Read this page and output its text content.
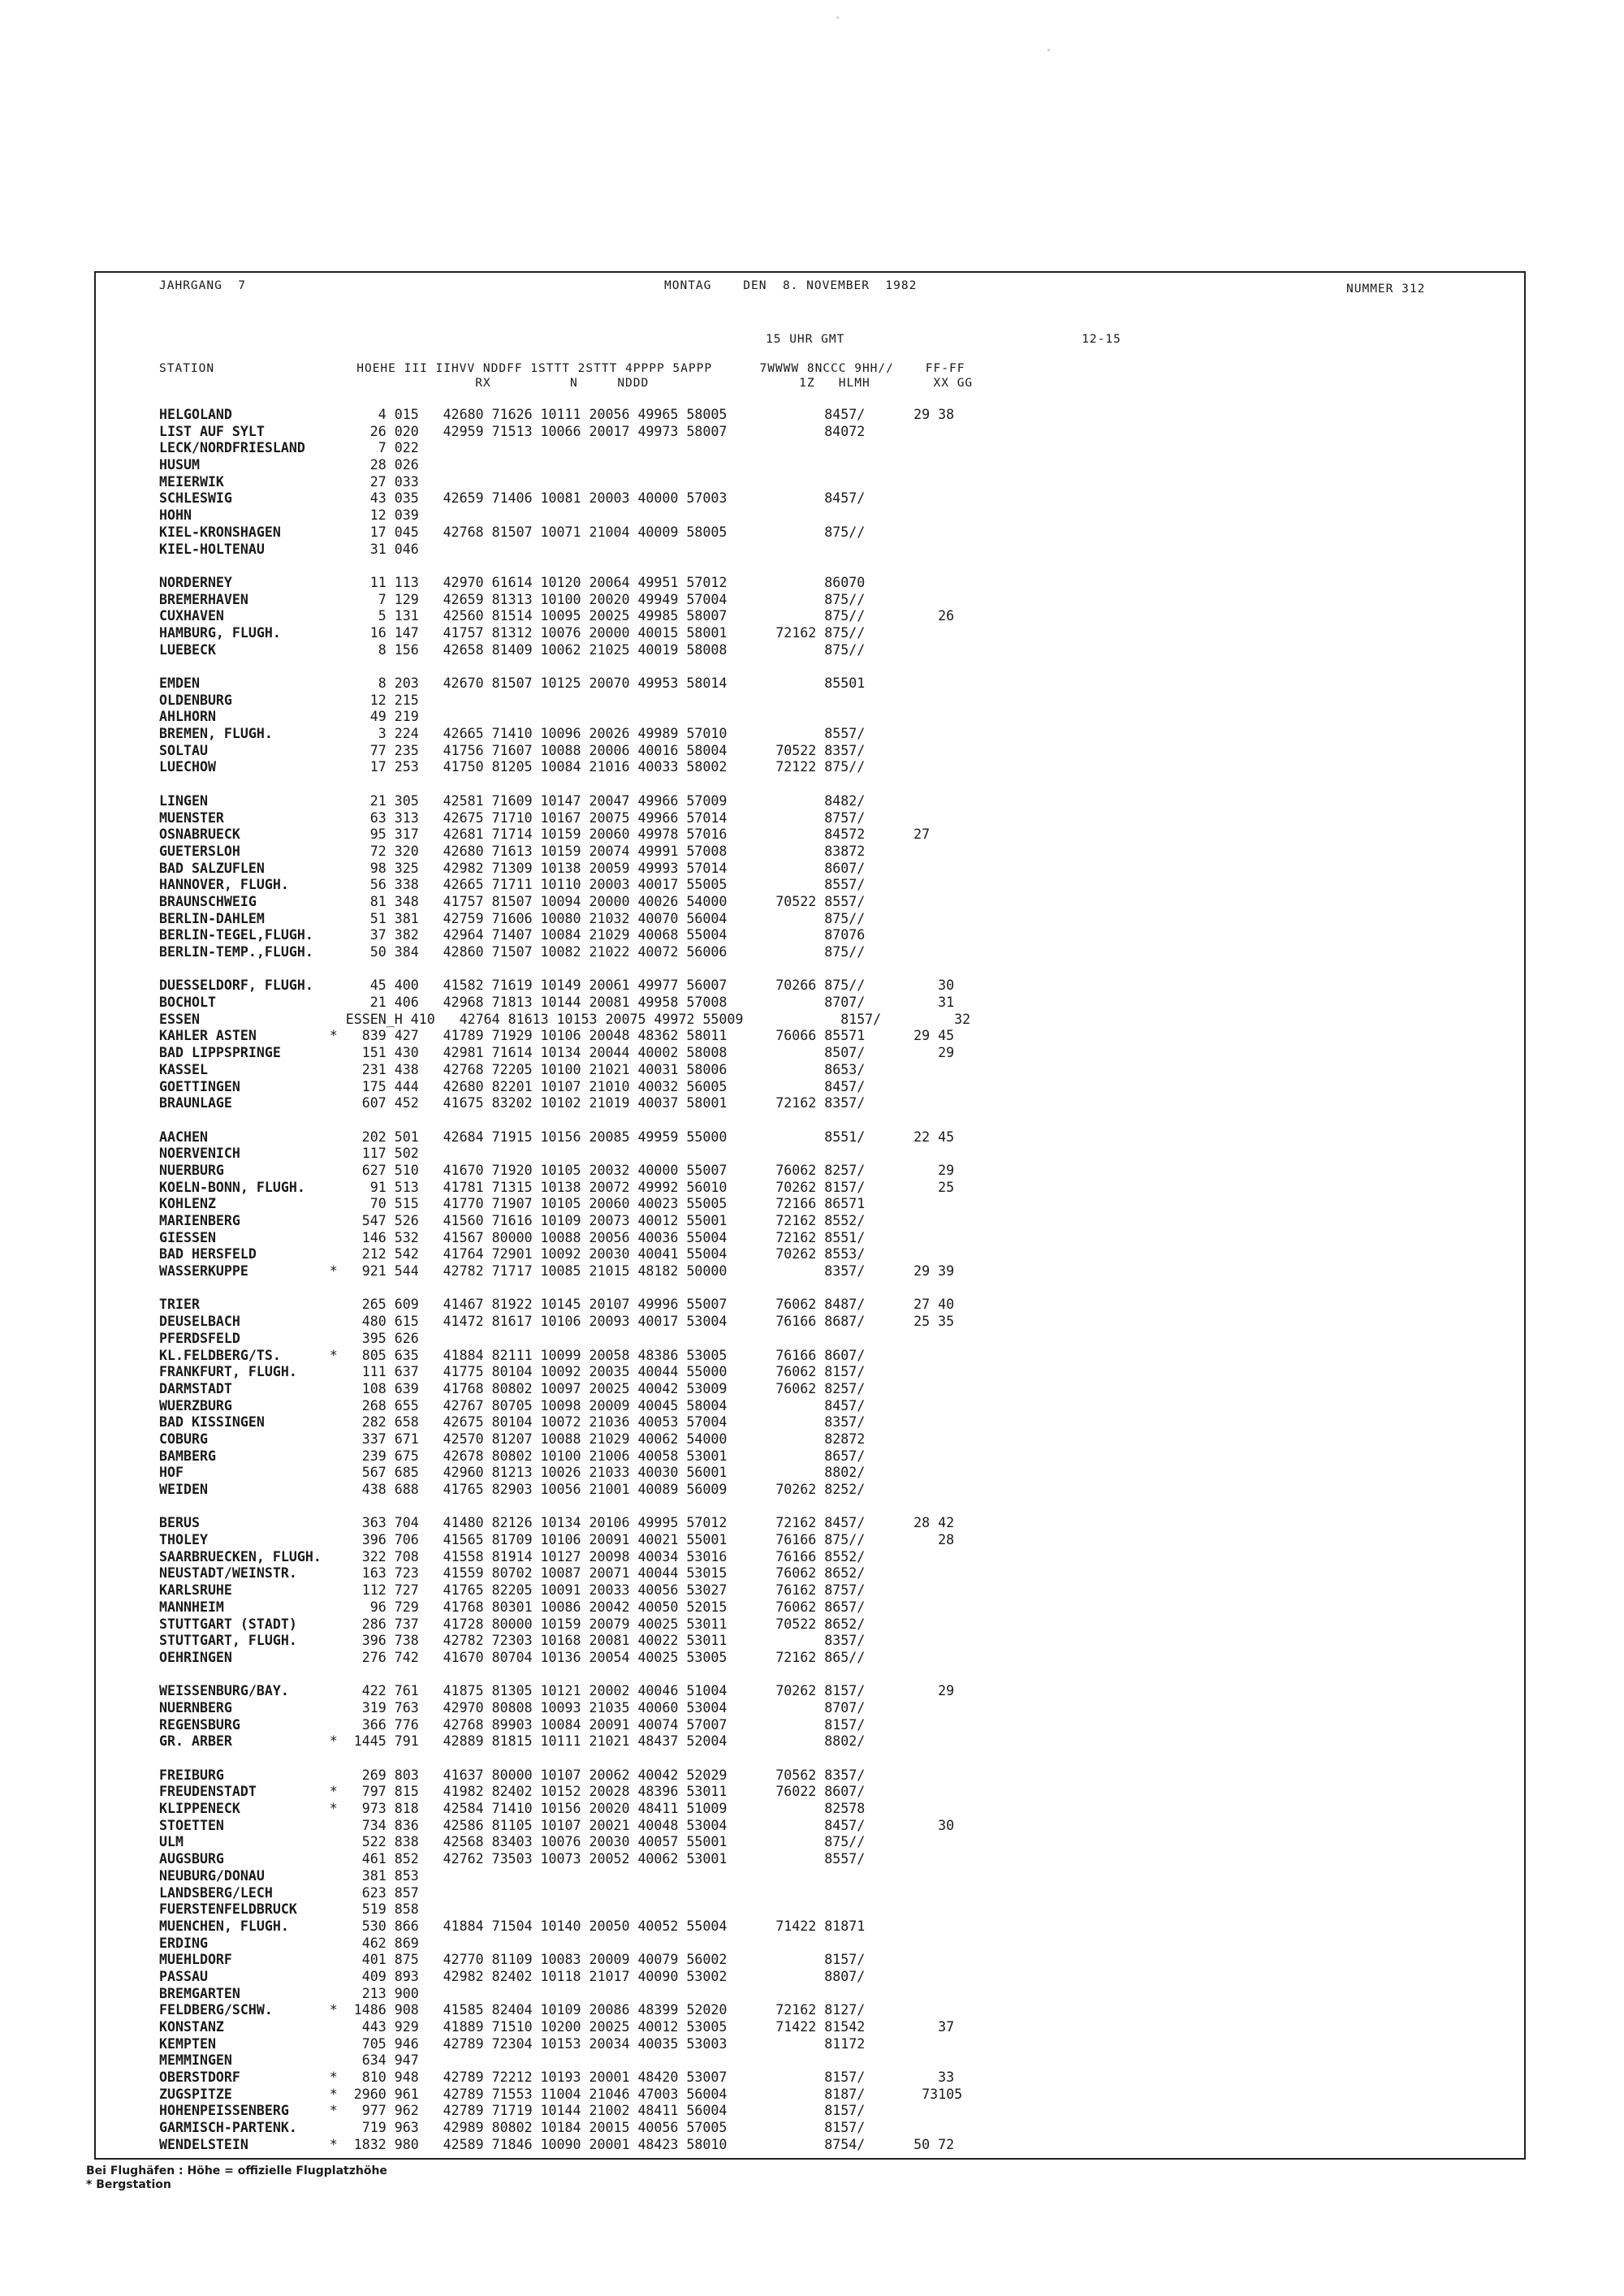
JAHRGANG  7	MONTAG    DEN  8. NOVEMBER  1982	NUMMER 312
15 UHR GMT                              12-15
STATION                  HOEHE III IIHVV NDDFF 1STTT 2STTT 4PPPP 5APPP      7WWWW 8NCCC 9HH//    FF-FF
RX          N     NDDD                   1Z   HLMH        XX GG
HELGOLAND                  4 015   42680 71626 10111 20056 49965 58005            8457/      29 38
LIST AUF SYLT             26 020   42959 71513 10066 20017 49973 58007            84072
LECK/NORDFRIESLAND         7 022
HUSUM                     28 026
MEIERWIK                  27 033
SCHLESWIG                 43 035   42659 71406 10081 20003 40000 57003            8457/
HOHN                      12 039
KIEL-KRONSHAGEN           17 045   42768 81507 10071 21004 40009 58005            875//
KIEL-HOLTENAU             31 046
NORDERNEY                 11 113   42970 61614 10120 20064 49951 57012            86070
BREMERHAVEN                7 129   42659 81313 10100 20020 49949 57004            875//
CUXHAVEN                   5 131   42560 81514 10095 20025 49985 58007            875//         26
HAMBURG, FLUGH.           16 147   41757 81312 10076 20000 40015 58001      72162 875//
LUEBECK                    8 156   42658 81409 10062 21025 40019 58008            875//
EMDEN                      8 203   42670 81507 10125 20070 49953 58014            85501
OLDENBURG                 12 215
AHLHORN                   49 219
BREMEN, FLUGH.             3 224   42665 71410 10096 20026 49989 57010            8557/
SOLTAU                    77 235   41756 71607 10088 20006 40016 58004      70522 8357/
LUECHOW                   17 253   41750 81205 10084 21016 40033 58002      72122 875//
LINGEN                    21 305   42581 71609 10147 20047 49966 57009            8482/
MUENSTER                  63 313   42675 71710 10167 20075 49966 57014            8757/
OSNABRUECK                95 317   42681 71714 10159 20060 49978 57016            84572      27
GUETERSLOH                72 320   42680 71613 10159 20074 49991 57008            83872
BAD SALZUFLEN             98 325   42982 71309 10138 20059 49993 57014            8607/
HANNOVER, FLUGH.          56 338   42665 71711 10110 20003 40017 55005            8557/
BRAUNSCHWEIG              81 348   41757 81507 10094 20000 40026 54000      70522 8557/
BERLIN-DAHLEM             51 381   42759 71606 10080 21032 40070 56004            875//
BERLIN-TEGEL,FLUGH.       37 382   42964 71407 10084 21029 40068 55004            87076
BERLIN-TEMP.,FLUGH.       50 384   42860 71507 10082 21022 40072 56006            875//
DUESSELDORF, FLUGH.       45 400   41582 71619 10149 20061 49977 56007      70266 875//         30
BOCHOLT                   21 406   42968 71813 10144 20081 49958 57008            8707/         31
ESSEN                  ESSEN_H 410   42764 81613 10153 20075 49972 55009            8157/         32
KAHLER ASTEN         *   839 427   41789 71929 10106 20048 48362 58011      76066 85571      29 45
BAD LIPPSPRINGE          151 430   42981 71614 10134 20044 40002 58008            8507/         29
KASSEL                   231 438   42768 72205 10100 21021 40031 58006            8653/
GOETTINGEN               175 444   42680 82201 10107 21010 40032 56005            8457/
BRAUNLAGE                607 452   41675 83202 10102 21019 40037 58001      72162 8357/
AACHEN                   202 501   42684 71915 10156 20085 49959 55000            8551/      22 45
NOERVENICH               117 502
NUERBURG                 627 510   41670 71920 10105 20032 40000 55007      76062 8257/         29
KOELN-BONN, FLUGH.        91 513   41781 71315 10138 20072 49992 56010      70262 8157/         25
KOHLENZ                   70 515   41770 71907 10105 20060 40023 55005      72166 86571
MARIENBERG               547 526   41560 71616 10109 20073 40012 55001      72162 8552/
GIESSEN                  146 532   41567 80000 10088 20056 40036 55004      72162 8551/
BAD HERSFELD             212 542   41764 72901 10092 20030 40041 55004      70262 8553/
WASSERKUPPE          *   921 544   42782 71717 10085 21015 48182 50000            8357/      29 39
TRIER                    265 609   41467 81922 10145 20107 49996 55007      76062 8487/      27 40
DEUSELBACH               480 615   41472 81617 10106 20093 40017 53004      76166 8687/      25 35
PFERDSFELD               395 626
KL.FELDBERG/TS.      *   805 635   41884 82111 10099 20058 48386 53005      76166 8607/
FRANKFURT, FLUGH.        111 637   41775 80104 10092 20035 40044 55000      76062 8157/
DARMSTADT                108 639   41768 80802 10097 20025 40042 53009      76062 8257/
WUERZBURG                268 655   42767 80705 10098 20009 40045 58004            8457/
BAD KISSINGEN            282 658   42675 80104 10072 21036 40053 57004            8357/
COBURG                   337 671   42570 81207 10088 21029 40062 54000            82872
BAMBERG                  239 675   42678 80802 10100 21006 40058 53001            8657/
HOF                      567 685   42960 81213 10026 21033 40030 56001            8802/
WEIDEN                   438 688   41765 82903 10056 21001 40089 56009      70262 8252/
BERUS                    363 704   41480 82126 10134 20106 49995 57012      72162 8457/      28 42
THOLEY                   396 706   41565 81709 10106 20091 40021 55001      76166 875//         28
SAARBRUECKEN, FLUGH.     322 708   41558 81914 10127 20098 40034 53016      76166 8552/
NEUSTADT/WEINSTR.        163 723   41559 80702 10087 20071 40044 53015      76062 8652/
KARLSRUHE                112 727   41765 82205 10091 20033 40056 53027      76162 8757/
MANNHEIM                  96 729   41768 80301 10086 20042 40050 52015      76062 8657/
STUTTGART (STADT)        286 737   41728 80000 10159 20079 40025 53011      70522 8652/
STUTTGART, FLUGH.        396 738   42782 72303 10168 20081 40022 53011            8357/
OEHRINGEN                276 742   41670 80704 10136 20054 40025 53005      72162 865//
WEISSENBURG/BAY.         422 761   41875 81305 10121 20002 40046 51004      70262 8157/         29
NUERNBERG                319 763   42970 80808 10093 21035 40060 53004            8707/
REGENSBURG               366 776   42768 89903 10084 20091 40074 57007            8157/
GR. ARBER            *  1445 791   42889 81815 10111 21021 48437 52004            8802/
FREIBURG                 269 803   41637 80000 10107 20062 40042 52029      70562 8357/
FREUDENSTADT         *   797 815   41982 82402 10152 20028 48396 53011      76022 8607/
KLIPPENECK           *   973 818   42584 71410 10156 20020 48411 51009            82578
STOETTEN                 734 836   42586 81105 10107 20021 40048 53004            8457/         30
ULM                      522 838   42568 83403 10076 20030 40057 55001            875//
AUGSBURG                 461 852   42762 73503 10073 20052 40062 53001            8557/
NEUBURG/DONAU            381 853
LANDSBERG/LECH           623 857
FUERSTENFELDBRUCK        519 858
MUENCHEN, FLUGH.         530 866   41884 71504 10140 20050 40052 55004      71422 81871
ERDING                   462 869
MUEHLDORF                401 875   42770 81109 10083 20009 40079 56002            8157/
PASSAU                   409 893   42982 82402 10118 21017 40090 53002            8807/
BREMGARTEN               213 900
FELDBERG/SCHW.       *  1486 908   41585 82404 10109 20086 48399 52020      72162 8127/
KONSTANZ                 443 929   41889 71510 10200 20025 40012 53005      71422 81542         37
KEMPTEN                  705 946   42789 72304 10153 20034 40035 53003            81172
MEMMINGEN                634 947
OBERSTDORF           *   810 948   42789 72212 10193 20001 48420 53007            8157/         33
ZUGSPITZE            *  2960 961   42789 71553 11004 21046 47003 56004            8187/       73105
HOHENPEISSENBERG     *   977 962   42789 71719 10144 21002 48411 56004            8157/
GARMISCH-PARTENK.        719 963   42989 80802 10184 20015 40056 57005            8157/
WENDELSTEIN          *  1832 980   42589 71846 10090 20001 48423 58010            8754/      50 72
Bei Flughäfen : Höhe = offizielle Flugplatzhöhe
* Bergstation
